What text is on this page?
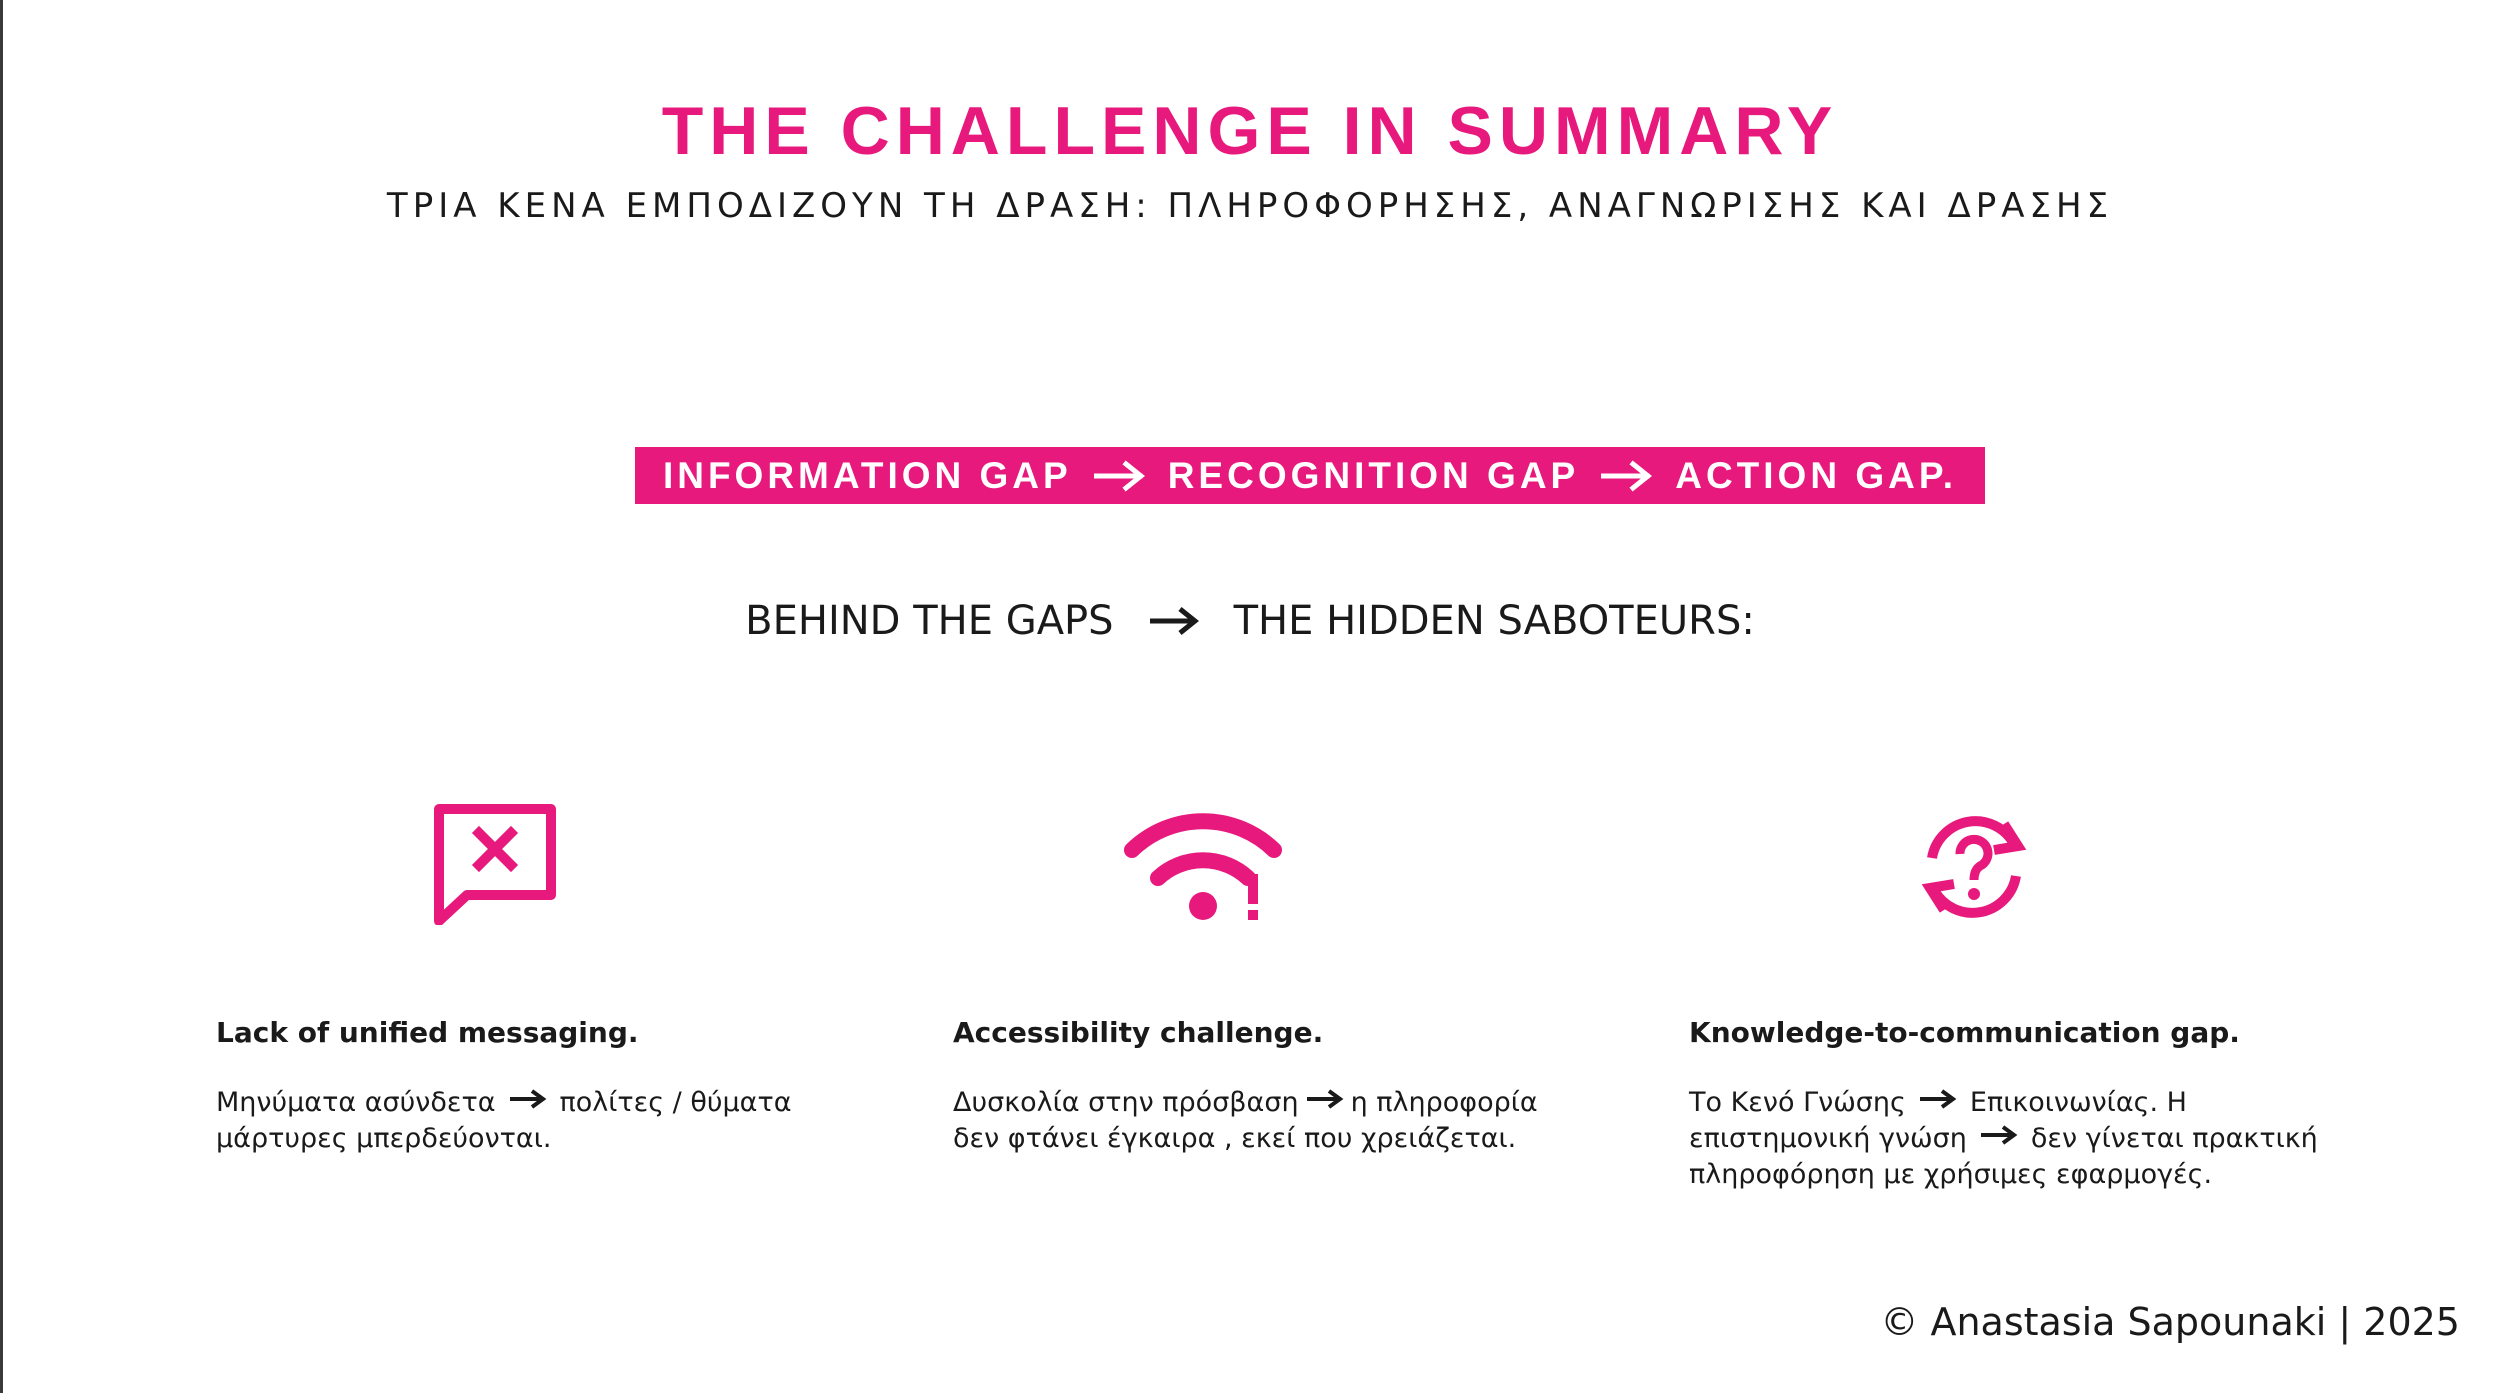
THE CHALLENGE IN SUMMARY
ΤΡΙΑ ΚΕΝΑ ΕΜΠΟΔΙΖΟΥΝ ΤΗ ΔΡΑΣΗ: ΠΛΗΡΟΦΟΡΗΣΗΣ, ΑΝΑΓΝΩΡΙΣΗΣ ΚΑΙ ΔΡΑΣΗΣ
INFORMATION GAP	RECOGNITION GAP	ACTION GAP.
BEHIND THE GAPS	THE HIDDEN SABOTEURS:
Lack of unified messaging.
Μηνύματα ασύνδετα πολίτες / θύματα
μάρτυρες μπερδεύονται.
Accessibility challenge.
Δυσκολία στην πρόσβαση η πληροφορία
δεν φτάνει έγκαιρα , εκεί που χρειάζεται.
Knowledge-to-communication gap.
Το Κενό Γνώσης Επικοινωνίας. Η
επιστημονική γνώση δεν γίνεται πρακτική
πληροφόρηση με χρήσιμες εφαρμογές.
© Anastasia Sapounaki | 2025
